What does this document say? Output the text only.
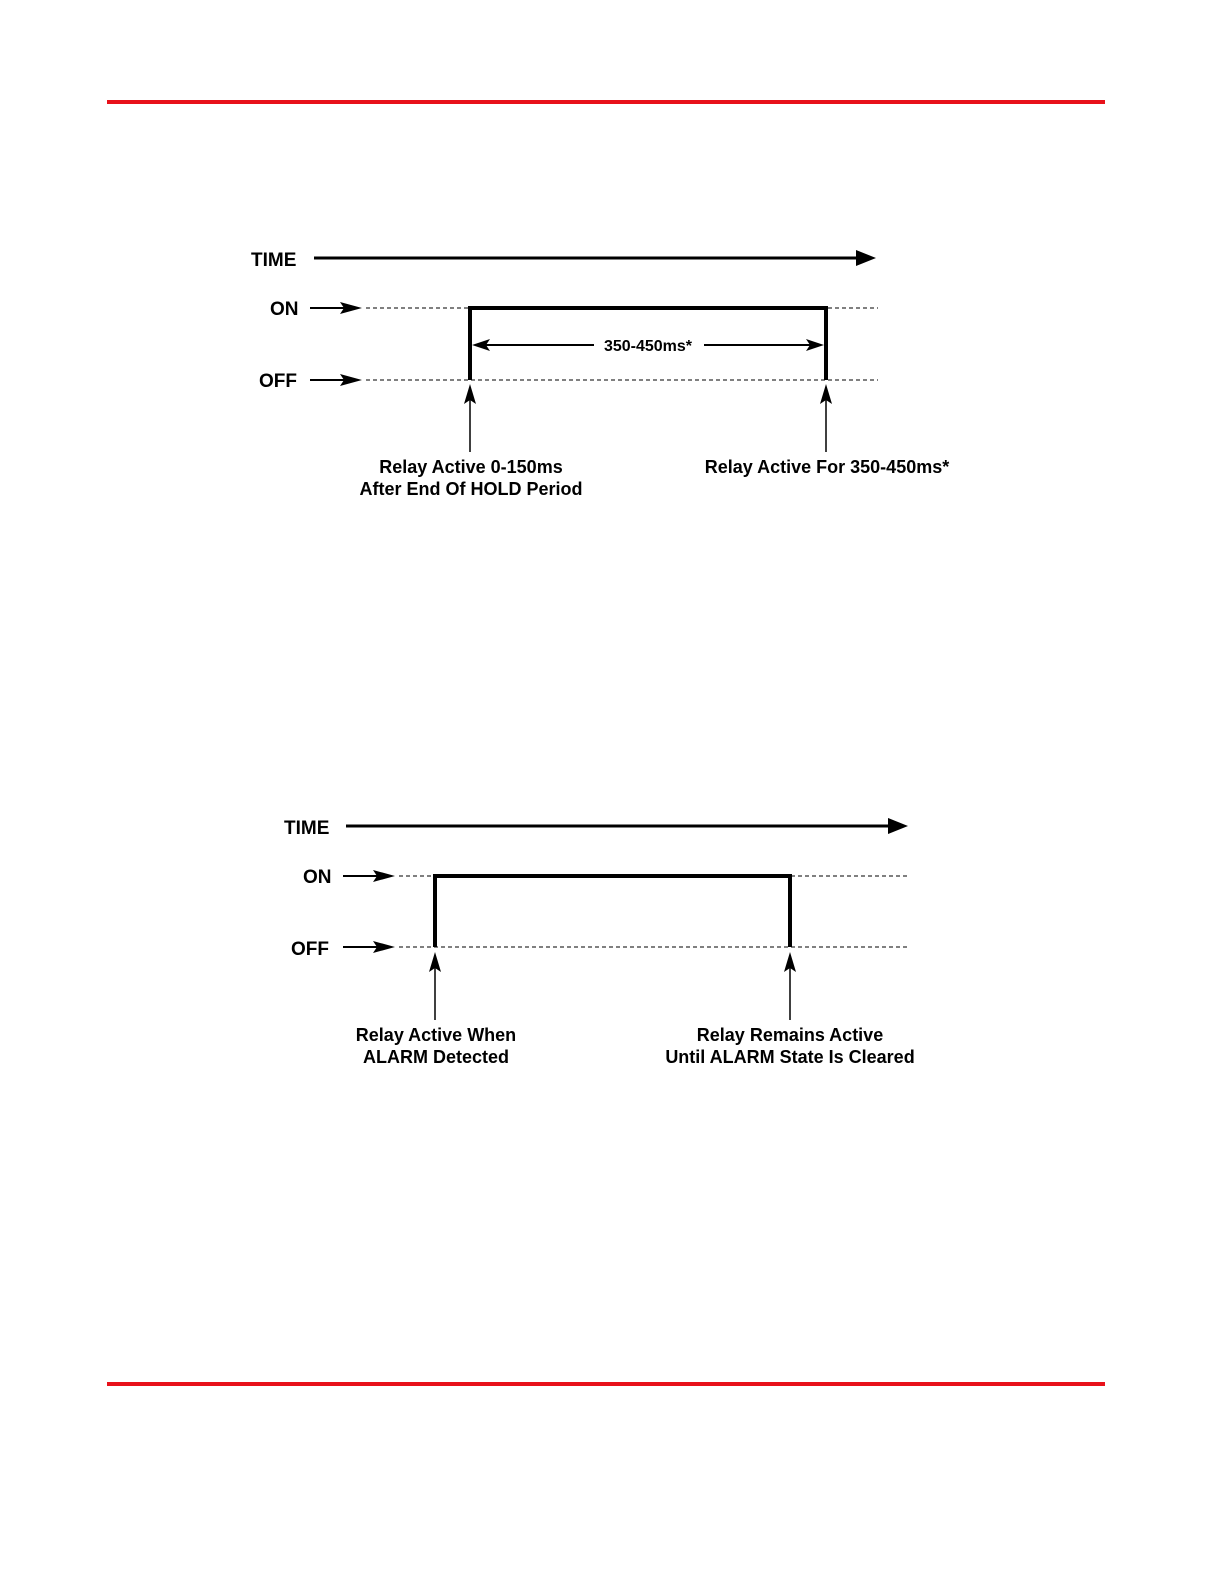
TIME
ON
OFF
350-450ms*
Relay Active 0-150ms
After End Of HOLD Period
Relay Active For 350-450ms*
TIME
ON
OFF
Relay Active When
ALARM Detected
Relay Remains Active
Until ALARM State Is Cleared
